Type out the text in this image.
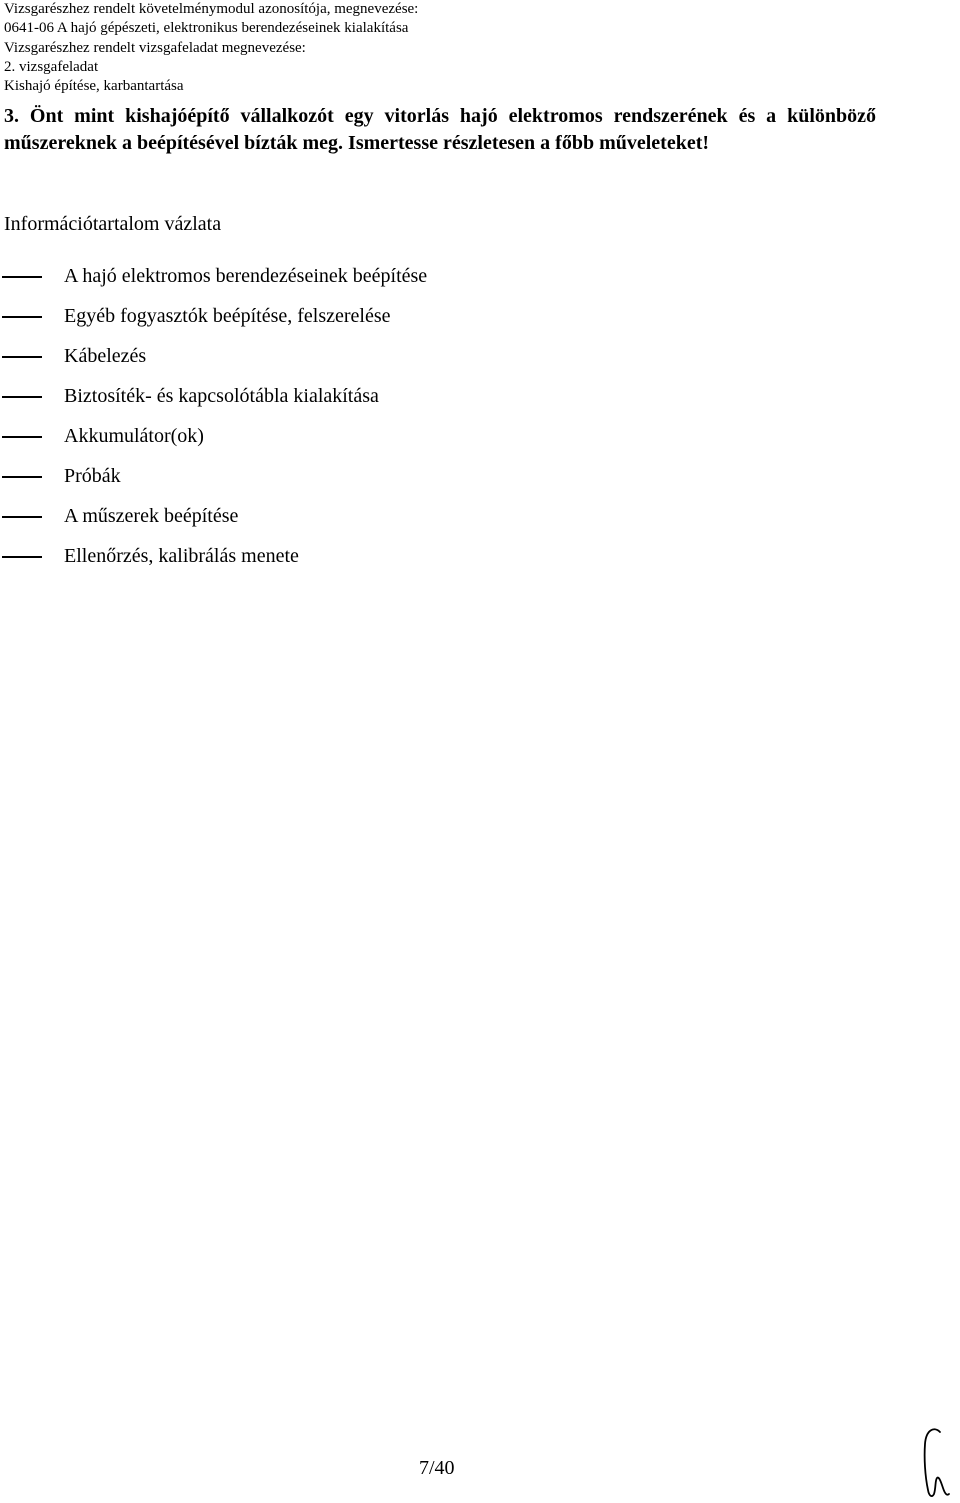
Vizsgarészhez rendelt követelménymodul azonosítója, megnevezése:
0641-06 A hajó gépészeti, elektronikus berendezéseinek kialakítása
Vizsgarészhez rendelt vizsgafeladat megnevezése:
2. vizsgafeladat
Kishajó építése, karbantartása
3. Önt mint kishajóépítő vállalkozót egy vitorlás hajó elektromos rendszerének és a különböző műszereknek a beépítésével bízták meg. Ismertesse részletesen a főbb műveleteket!
Információtartalom vázlata
A hajó elektromos berendezéseinek beépítése
Egyéb fogyasztók beépítése, felszerelése
Kábelezés
Biztosíték- és kapcsolótábla kialakítása
Akkumulátor(ok)
Próbák
A műszerek beépítése
Ellenőrzés, kalibrálás menete
7/40
